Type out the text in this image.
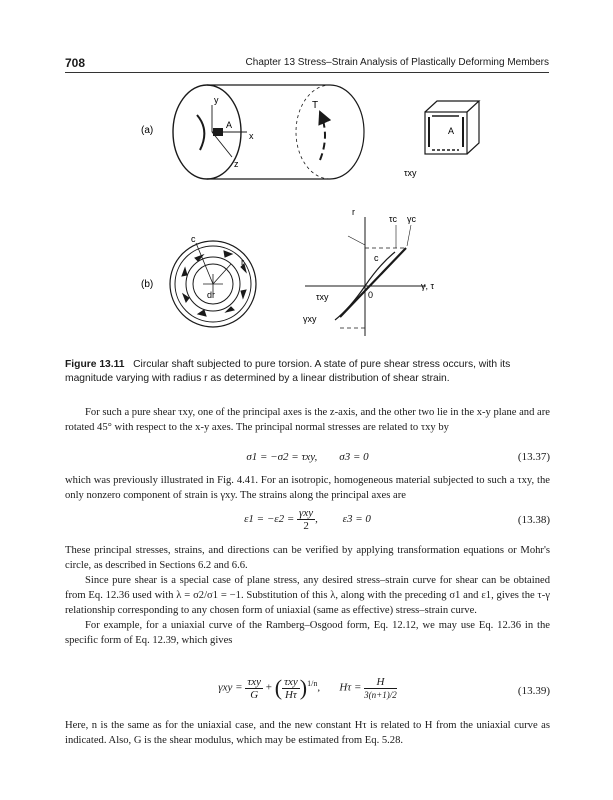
708	Chapter 13 Stress–Strain Analysis of Plastically Deforming Members
(a)
y
x
z
A
T
A
τxy
(b)
c
r
dr
r
τc γc
c
0
γ, τ
τxy
γxy
Figure 13.11 Circular shaft subjected to pure torsion. A state of pure shear stress occurs, with its magnitude varying with radius r as determined by a linear distribution of shear strain.

For such a pure shear τxy, one of the principal axes is the z-axis, and the other two lie in the x-y plane and are rotated 45° with respect to the x-y axes. The principal normal stresses are related to τxy by

σ1 = −σ2 = τxy, σ3 = 0	(13.37)

which was previously illustrated in Fig. 4.41. For an isotropic, homogeneous material subjected to such a τxy, the only nonzero component of strain is γxy. The strains along the principal axes are

$\varepsilon 1 = -\varepsilon 2 = \frac{\text{γxy}}{2}$ , ε3 = 0	(13.38)

These principal stresses, strains, and directions can be verified by applying transformation equations or Mohr's circle, as described in Sections 6.2 and 6.6.

Since pure shear is a special case of plane stress, any desired stress–strain curve for shear can be obtained from Eq. 12.36 used with λ = σ2/σ1 = −1. Substitution of this λ, along with the preceding σ1 and ε1, gives the τ-γ relationship corresponding to any chosen form of uniaxial (same as effective) stress–strain curve.

For example, for a uniaxial curve of the Ramberg–Osgood form, Eq. 12.12, we may use Eq. 12.36 in the specific form of Eq. 12.39, which gives

$\gamma xy = \frac{\text{τxy}}{G}$ + ( $\frac{\text{τxy}}{H\tau} )^{1/n}$, $H\tau = \frac{H}{3(n+1)/2}$	(13.39)

Here, n is the same as for the uniaxial case, and the new constant Hτ is related to H from the uniaxial curve as indicated. Also, G is the shear modulus, which may be estimated from Eq. 5.28.
